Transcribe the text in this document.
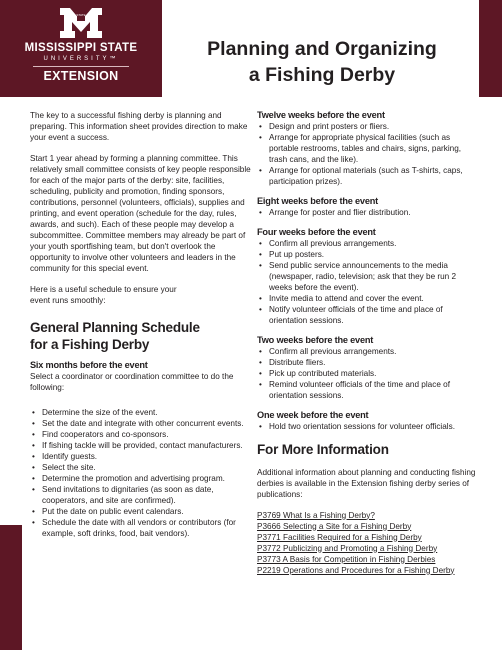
STATE
MISSISSIPPI STATE
UNIVERSITY™
EXTENSION
Planning and Organizing
a Fishing Derby

The key to a successful fishing derby is planning and preparing. This information sheet provides direction to make your event a success.

Start 1 year ahead by forming a planning committee. This relatively small committee consists of key people responsible for each of the major parts of the derby: site, facilities, scheduling, publicity and promotion, finding sponsors, contributions, personnel (volunteers, officials), supplies and printing, and event operation (schedule for the day, rules, awards, and such). Each of these people may develop a subcommittee. Committee members may already be part of your youth sportfishing team, but don't overlook the opportunity to involve other volunteers and leaders in the community for this special event.

Here is a useful schedule to ensure your event runs smoothly:

General Planning Schedule
for a Fishing Derby
Six months before the event

Select a coordinator or coordination committee to do the following:

• Determine the size of the event.
• Set the date and integrate with other concurrent events.
• Find cooperators and co-sponsors.
• If fishing tackle will be provided, contact manufacturers.
• Identify guests.
• Select the site.
• Determine the promotion and advertising program.
• Send invitations to dignitaries (as soon as date, cooperators, and site are confirmed).
• Put the date on public event calendars.
• Schedule the date with all vendors or contributors (for example, soft drinks, food, bait vendors).
Twelve weeks before the event
• Design and print posters or fliers.
• Arrange for appropriate physical facilities (such as portable restrooms, tables and chairs, signs, parking, trash cans, and the like).
• Arrange for optional materials (such as T-shirts, caps, participation prizes).
Eight weeks before the event
• Arrange for poster and flier distribution.
Four weeks before the event
• Confirm all previous arrangements.
• Put up posters.
• Send public service announcements to the media (newspaper, radio, television; ask that they be run 2 weeks before the event).
• Invite media to attend and cover the event.
• Notify volunteer officials of the time and place of orientation sessions.
Two weeks before the event
• Confirm all previous arrangements.
• Distribute fliers.
• Pick up contributed materials.
• Remind volunteer officials of the time and place of orientation sessions.
One week before the event
• Hold two orientation sessions for volunteer officials.
For More Information

Additional information about planning and conducting fishing derbies is available in the Extension fishing derby series of publications:

P3769 What Is a Fishing Derby?
P3666 Selecting a Site for a Fishing Derby
P3771 Facilities Required for a Fishing Derby
P3772 Publicizing and Promoting a Fishing Derby
P3773 A Basis for Competition in Fishing Derbies
P2219 Operations and Procedures for a Fishing Derby
